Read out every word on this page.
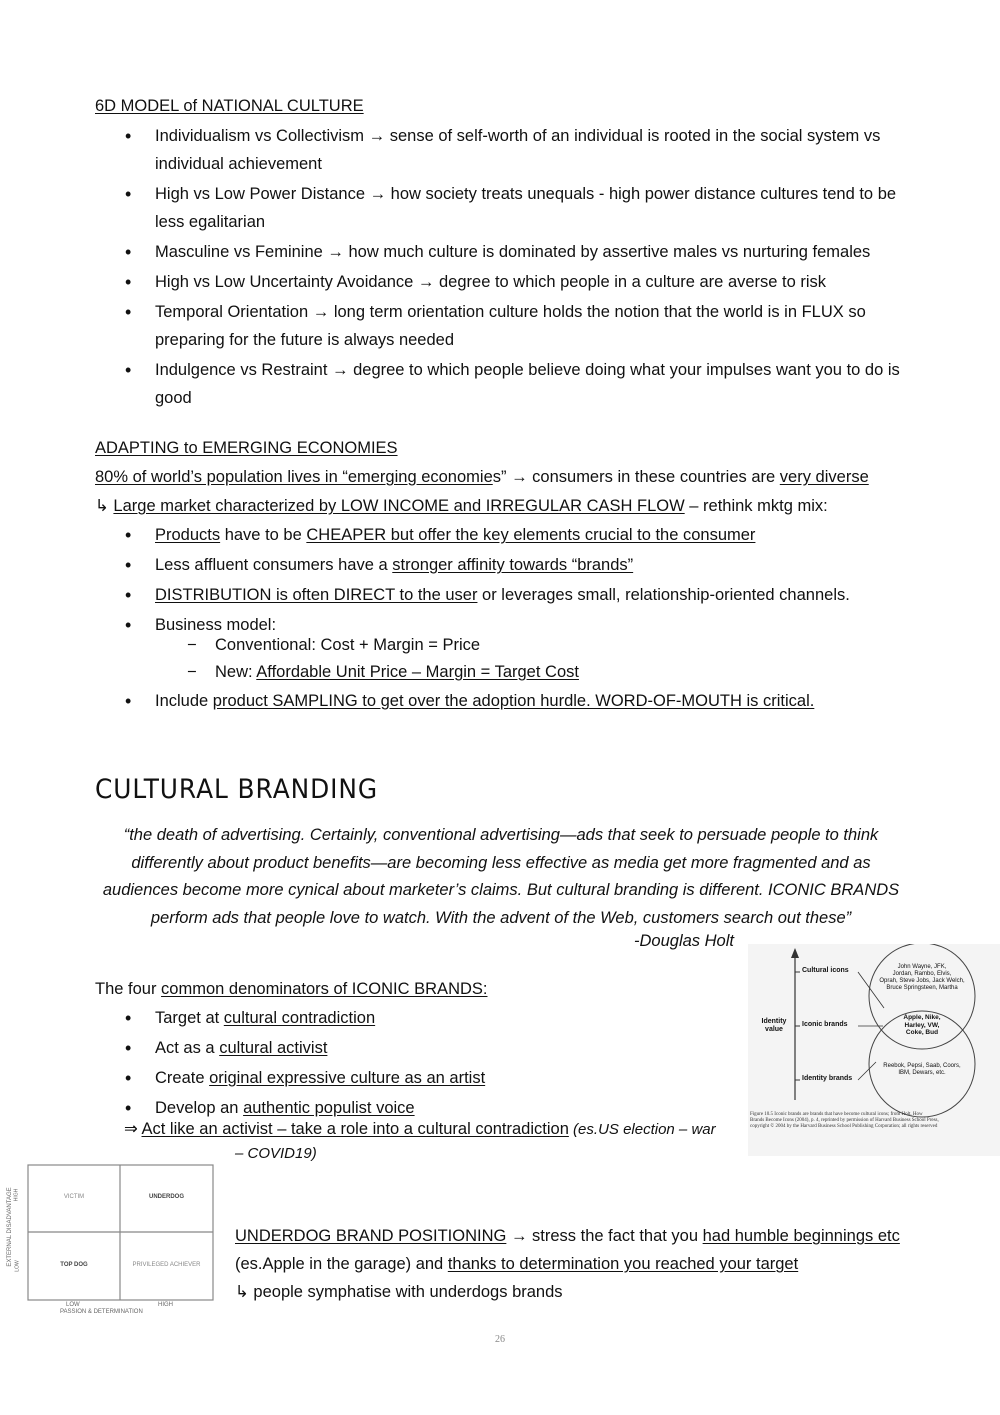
6D MODEL of NATIONAL CULTURE
• Individualism vs Collectivism → sense of self-worth of an individual is rooted in the social system vs individual achievement
• High vs Low Power Distance → how society treats unequals - high power distance cultures tend to be less egalitarian
• Masculine vs Feminine → how much culture is dominated by assertive males vs nurturing females
• High vs Low Uncertainty Avoidance → degree to which people in a culture are averse to risk
• Temporal Orientation → long term orientation culture holds the notion that the world is in FLUX so preparing for the future is always needed
• Indulgence vs Restraint → degree to which people believe doing what your impulses want you to do is good
ADAPTING to EMERGING ECONOMIES
80% of world’s population lives in “emerging economies” → consumers in these countries are very diverse
↳ Large market characterized by LOW INCOME and IRREGULAR CASH FLOW – rethink mktg mix:
• Products have to be CHEAPER but offer the key elements crucial to the consumer
• Less affluent consumers have a stronger affinity towards “brands”
• DISTRIBUTION is often DIRECT to the user or leverages small, relationship-oriented channels.
• Business model:
− Conventional: Cost + Margin = Price
− New: Affordable Unit Price – Margin = Target Cost
• Include product SAMPLING to get over the adoption hurdle. WORD-OF-MOUTH is critical.
CULTURAL BRANDING
“the death of advertising. Certainly, conventional advertising—ads that seek to persuade people to think differently about product benefits—are becoming less effective as media get more fragmented and as audiences become more cynical about marketer’s claims. But cultural branding is different. ICONIC BRANDS perform ads that people love to watch. With the advent of the Web, customers search out these”
-Douglas Holt
The four common denominators of ICONIC BRANDS:
• Target at cultural contradiction
• Act as a cultural activist
• Create original expressive culture as an artist
• Develop an authentic populist voice
⇒ Act like an activist – take a role into a cultural contradiction (es.US election – war
– COVID19)
Identity value
Cultural icons
Iconic brands
Identity brands
John Wayne, JFK,
Jordan, Rambo, Elvis,
Oprah, Steve Jobs, Jack Welch,
Bruce Springsteen, Martha
Apple, Nike,
Harley, VW,
Coke, Bud
Reebok, Pepsi, Saab, Coors,
IBM, Dewars, etc.
Figure 10.5 Iconic brands are brands that have become cultural icons; from Holt, How
Brands Become Icons (2004), p. 4, reprinted by permission of Harvard Business School Press,
copyright © 2004 by the Harvard Business School Publishing Corporation; all rights reserved
VICTIM	UNDERDOG
TOP DOG	PRIVILEGED ACHIEVER
EXTERNAL DISADVANTAGE HIGH
LOW
LOW	HIGH
PASSION & DETERMINATION
UNDERDOG BRAND POSITIONING → stress the fact that you had humble beginnings etc
(es.Apple in the garage) and thanks to determination you reached your target
↳ people symphatise with underdogs brands
26
